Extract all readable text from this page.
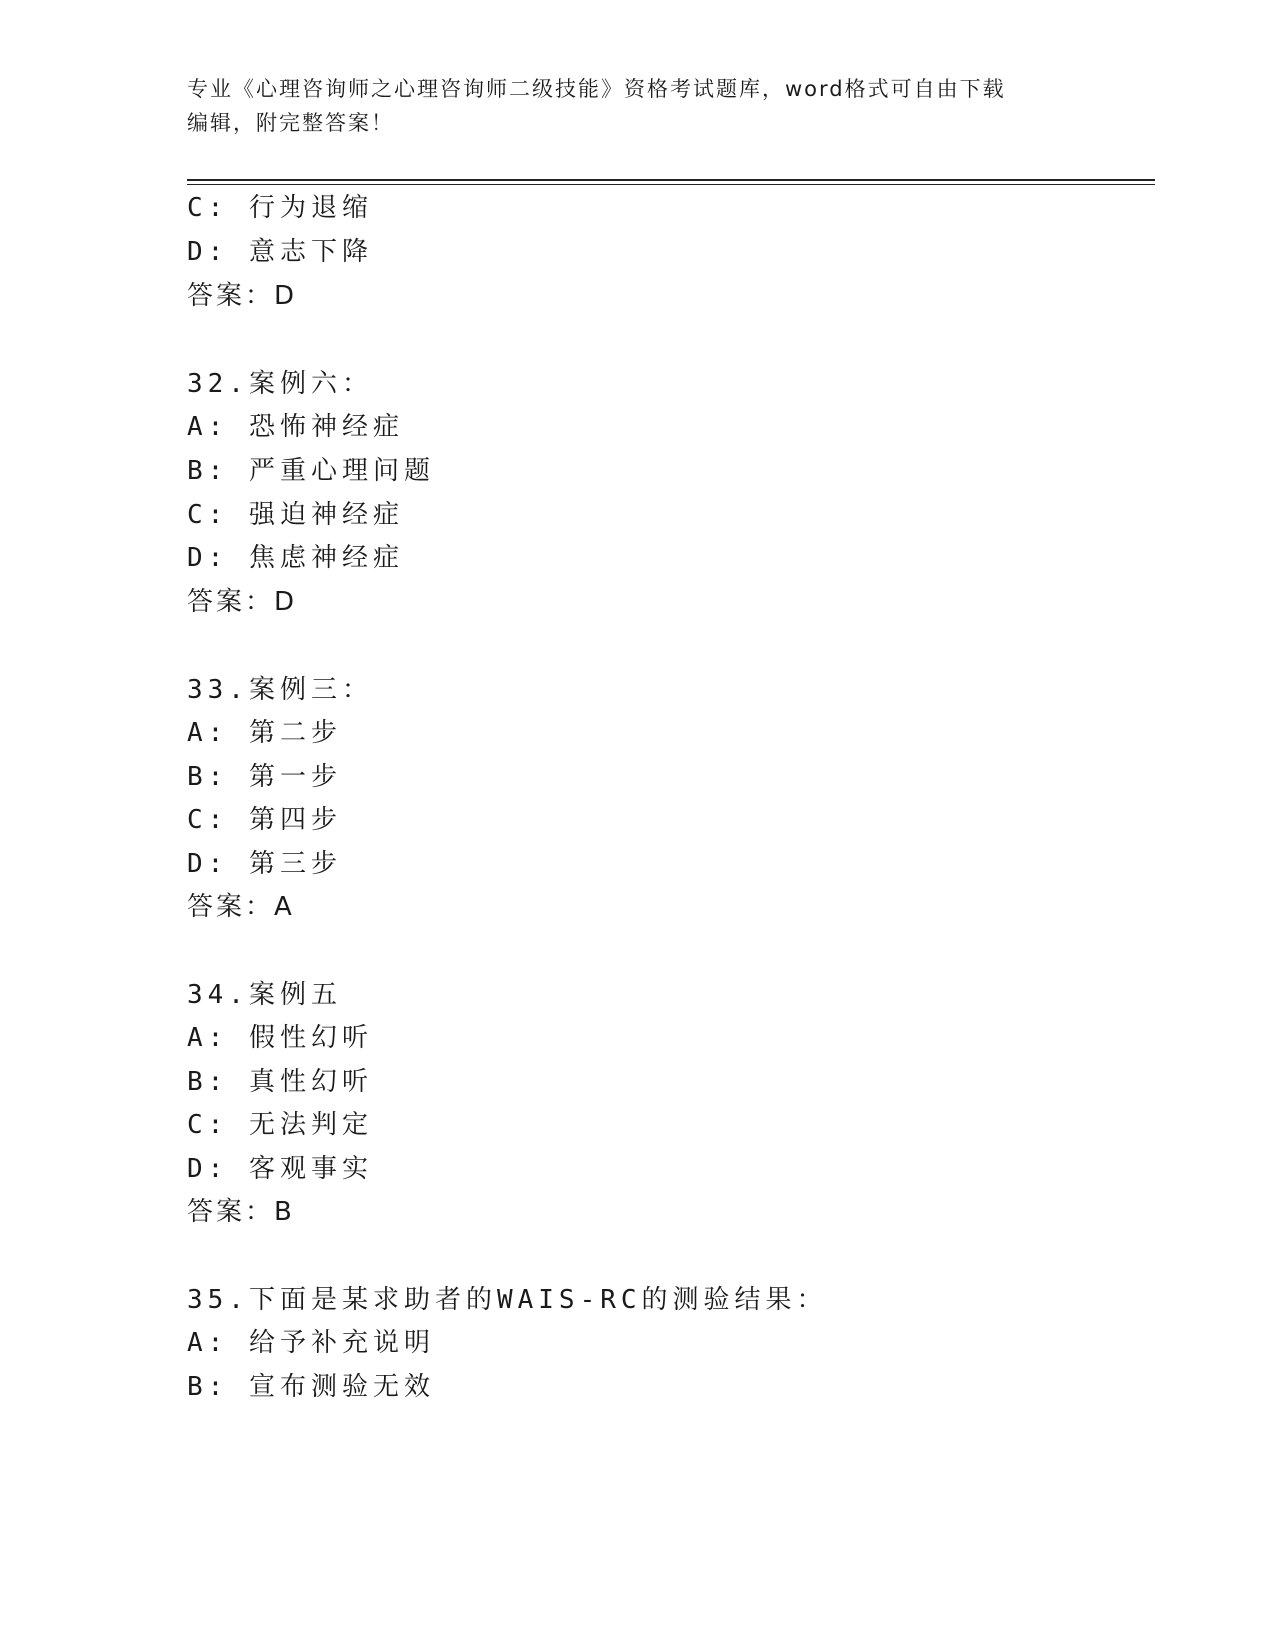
专业《心理咨询师之心理咨询师二级技能》资格考试题库，word格式可自由下载
编辑，附完整答案！
C: 行为退缩
D: 意志下降
答案：D
32.案例六：
A: 恐怖神经症
B: 严重心理问题
C: 强迫神经症
D: 焦虑神经症
答案：D
33.案例三：
A: 第二步
B: 第一步
C: 第四步
D: 第三步
答案：A
34.案例五
A: 假性幻听
B: 真性幻听
C: 无法判定
D: 客观事实
答案：B
35.下面是某求助者的WAIS-RC的测验结果：
A: 给予补充说明
B: 宣布测验无效
